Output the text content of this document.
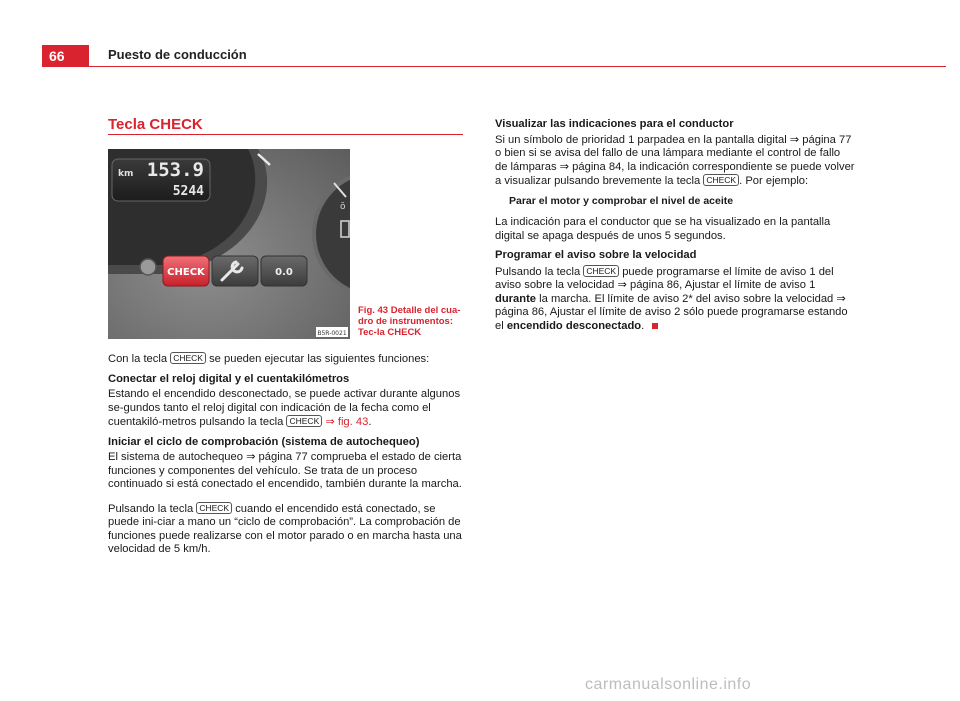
66	Puesto de conducción
Tecla CHECK
km 153.9
5244
ō
CHECK	0.0
B5R-0021
Fig. 43 Detalle del cua-dro de instrumentos: Tec-la CHECK

Con la tecla CHECK se pueden ejecutar las siguientes funciones:

Conectar el reloj digital y el cuentakilómetros

Estando el encendido desconectado, se puede activar durante algunos se-gundos tanto el reloj digital con indicación de la fecha como el cuentakiló-metros pulsando la tecla CHECK ⇒ fig. 43.

Iniciar el ciclo de comprobación (sistema de autochequeo)

El sistema de autochequeo ⇒ página 77 comprueba el estado de cierta funciones y componentes del vehículo. Se trata de un proceso continuado si está conectado el encendido, también durante la marcha.

Pulsando la tecla CHECK cuando el encendido está conectado, se puede ini-ciar a mano un “ciclo de comprobación”. La comprobación de funciones puede realizarse con el motor parado o en marcha hasta una velocidad de 5 km/h.

Visualizar las indicaciones para el conductor

Si un símbolo de prioridad 1 parpadea en la pantalla digital ⇒ página 77 o bien si se avisa del fallo de una lámpara mediante el control de fallo de lámparas ⇒ página 84, la indicación correspondiente se puede volver a visualizar pulsando brevemente la tecla CHECK . Por ejemplo:

Parar el motor y comprobar el nivel de aceite

La indicación para el conductor que se ha visualizado en la pantalla digital se apaga después de unos 5 segundos.

Programar el aviso sobre la velocidad

Pulsando la tecla CHECK puede programarse el límite de aviso 1 del aviso sobre la velocidad ⇒ página 86, Ajustar el límite de aviso 1 durante la marcha. El límite de aviso 2* del aviso sobre la velocidad ⇒ página 86, Ajustar el límite de aviso 2 sólo puede programarse estando el encendido desconectado.

carmanualsonline.info
